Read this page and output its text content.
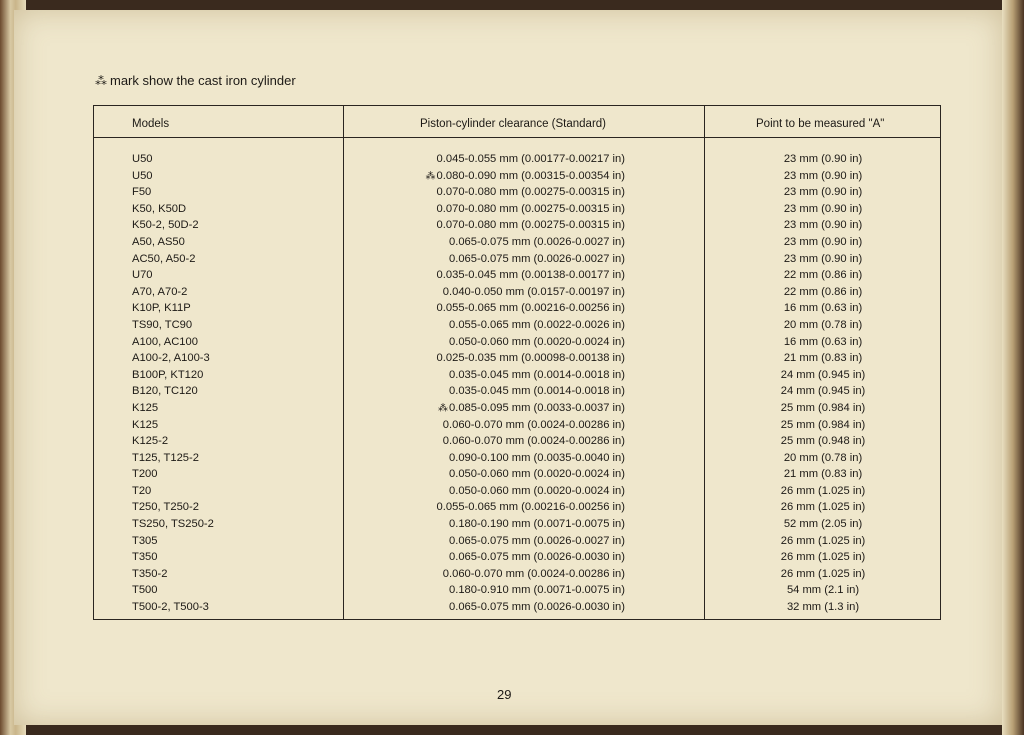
⁂ mark show the cast iron cylinder
Models	Piston-cylinder clearance (Standard)	Point to be measured "A"
U50	0.045-0.055 mm (0.00177-0.00217 in)	23 mm (0.90 in)
U50	⁂0.080-0.090 mm (0.00315-0.00354 in)	23 mm (0.90 in)
F50	0.070-0.080 mm (0.00275-0.00315 in)	23 mm (0.90 in)
K50, K50D	0.070-0.080 mm (0.00275-0.00315 in)	23 mm (0.90 in)
K50-2, 50D-2	0.070-0.080 mm (0.00275-0.00315 in)	23 mm (0.90 in)
A50, AS50	0.065-0.075 mm (0.0026-0.0027 in)	23 mm (0.90 in)
AC50, A50-2	0.065-0.075 mm (0.0026-0.0027 in)	23 mm (0.90 in)
U70	0.035-0.045 mm (0.00138-0.00177 in)	22 mm (0.86 in)
A70, A70-2	0.040-0.050 mm (0.0157-0.00197 in)	22 mm (0.86 in)
K10P, K11P	0.055-0.065 mm (0.00216-0.00256 in)	16 mm (0.63 in)
TS90, TC90	0.055-0.065 mm (0.0022-0.0026 in)	20 mm (0.78 in)
A100, AC100	0.050-0.060 mm (0.0020-0.0024 in)	16 mm (0.63 in)
A100-2, A100-3	0.025-0.035 mm (0.00098-0.00138 in)	21 mm (0.83 in)
B100P, KT120	0.035-0.045 mm (0.0014-0.0018 in)	24 mm (0.945 in)
B120, TC120	0.035-0.045 mm (0.0014-0.0018 in)	24 mm (0.945 in)
K125	⁂0.085-0.095 mm (0.0033-0.0037 in)	25 mm (0.984 in)
K125	0.060-0.070 mm (0.0024-0.00286 in)	25 mm (0.984 in)
K125-2	0.060-0.070 mm (0.0024-0.00286 in)	25 mm (0.948 in)
T125, T125-2	0.090-0.100 mm (0.0035-0.0040 in)	20 mm (0.78 in)
T200	0.050-0.060 mm (0.0020-0.0024 in)	21 mm (0.83 in)
T20	0.050-0.060 mm (0.0020-0.0024 in)	26 mm (1.025 in)
T250, T250-2	0.055-0.065 mm (0.00216-0.00256 in)	26 mm (1.025 in)
TS250, TS250-2	0.180-0.190 mm (0.0071-0.0075 in)	52 mm (2.05 in)
T305	0.065-0.075 mm (0.0026-0.0027 in)	26 mm (1.025 in)
T350	0.065-0.075 mm (0.0026-0.0030 in)	26 mm (1.025 in)
T350-2	0.060-0.070 mm (0.0024-0.00286 in)	26 mm (1.025 in)
T500	0.180-0.910 mm (0.0071-0.0075 in)	54 mm (2.1 in)
T500-2, T500-3	0.065-0.075 mm (0.0026-0.0030 in)	32 mm (1.3 in)
29
